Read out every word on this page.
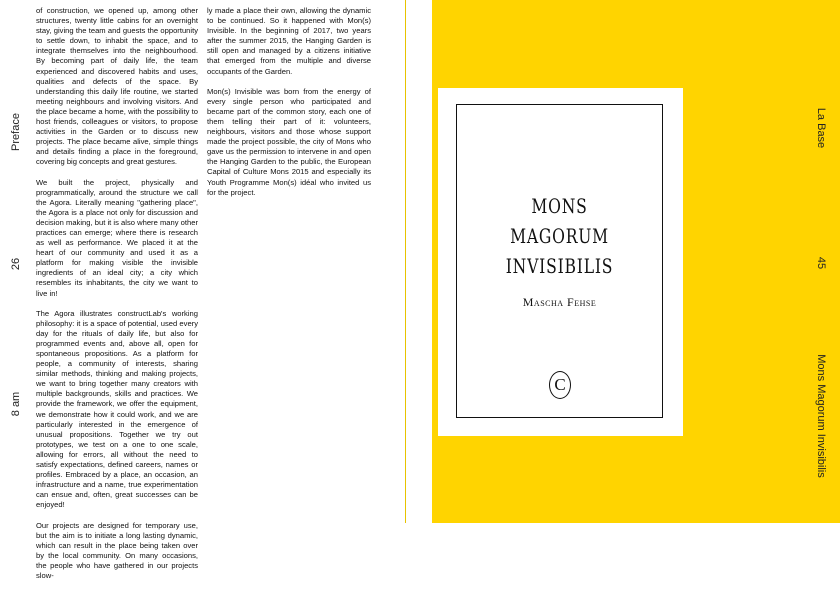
Preface
26
8 am
La Base
45
Mons Magorum Invisibilis

of construction, we opened up, among other structures, twenty little cabins for an overnight stay, giving the team and guests the opportunity to settle down, to inhabit the space, and to integrate themselves into the neighbourhood. By becoming part of daily life, the team experienced and discovered habits and uses, qualities and defects of the space. By understanding this daily life routine, we started meeting neighbours and involving visitors. And the place became a home, with the possibility to host friends, colleagues or visitors, to propose activities in the Garden or to discuss new projects. The place became alive, simple things and details finding a place in the foreground, covering big concepts and great gestures.

We built the project, physically and programmatically, around the structure we call the Agora. Literally meaning "gathering place", the Agora is a place not only for discussion and decision making, but it is also where many other practices can emerge; where there is research as well as performance. We placed it at the heart of our community and used it as a platform for making visible the invisible ingredients of an ideal city; a city which resembles its inhabitants, the city we want to live in!

The Agora illustrates constructLab's working philosophy: it is a space of potential, used every day for the rituals of daily life, but also for programmed events and, above all, open for spontaneous propositions. As a platform for people, a community of interests, sharing similar methods, thinking and making projects, we want to bring together many creators with multiple backgrounds, skills and practices. We provide the framework, we offer the equipment, we demonstrate how it could work, and we are particularly interested in the emergence of unusual propositions. Together we try out prototypes, we test on a one to one scale, allowing for errors, all without the need to satisfy expectations, defined careers, names or profiles. Embraced by a place, an occasion, an infrastructure and a name, true experimentation can ensue and, often, great successes can be enjoyed!

Our projects are designed for temporary use, but the aim is to initiate a long lasting dynamic, which can result in the place being taken over by the local community. On many occasions, the people who have gathered in our projects slow-

ly made a place their own, allowing the dynamic to be continued. So it happened with Mon(s) Invisible. In the beginning of 2017, two years after the summer 2015, the Hanging Garden is still open and managed by a citizens initiative that emerged from the multiple and diverse occupants of the Garden.

Mon(s) Invisible was born from the energy of every single person who participated and became part of the common story, each one of them telling their part of it: volunteers, neighbours, visitors and those whose support made the project possible, the city of Mons who gave us the permission to intervene in and open the Hanging Garden to the public, the European Capital of Culture Mons 2015 and especially its Youth Programme Mon(s) idéal who invited us for the project.

MONS
MAGORUM
INVISIBILIS
Mascha Fehse
C
